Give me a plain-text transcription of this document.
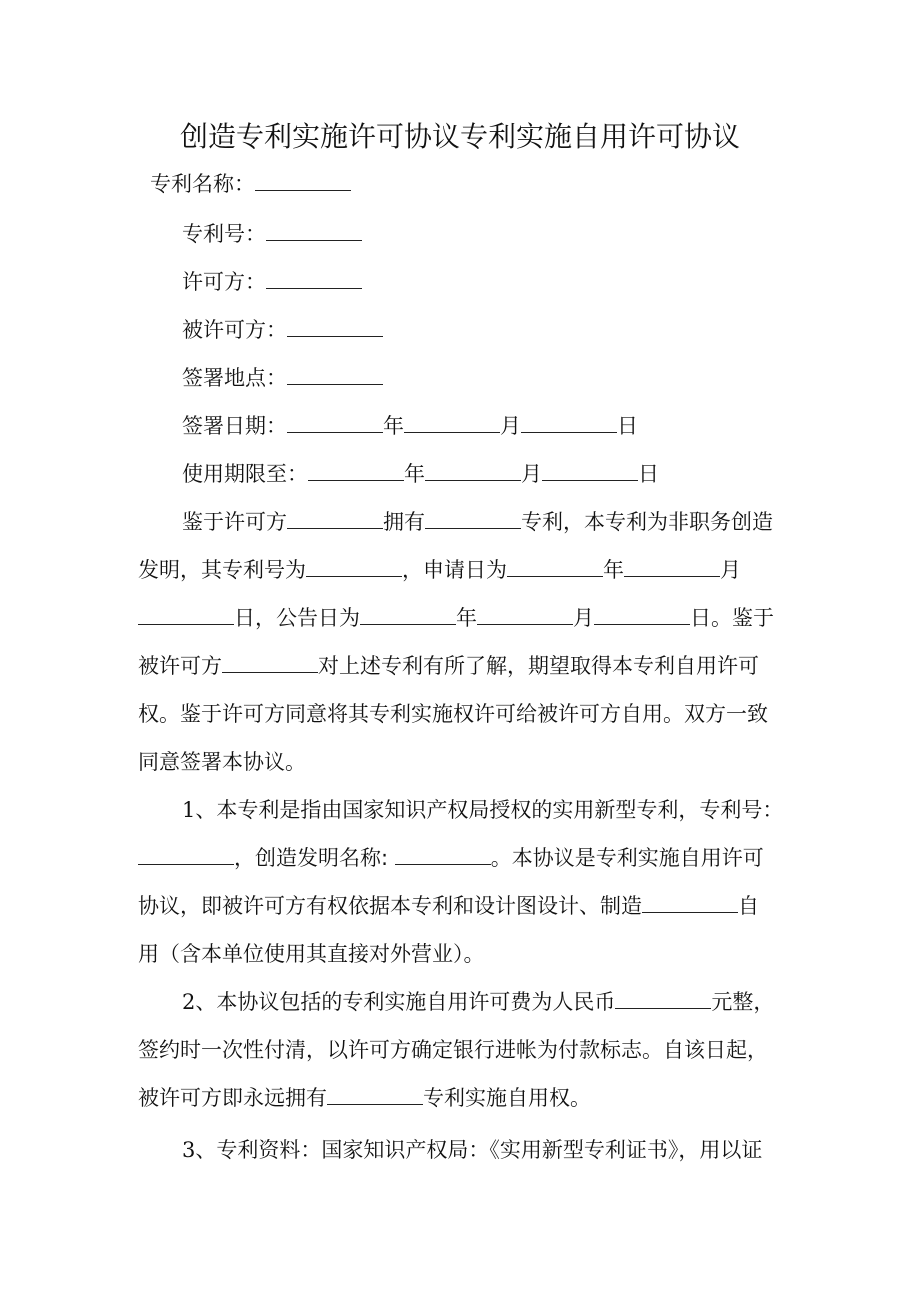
创造专利实施许可协议专利实施自用许可协议

专利名称：

专利号：

许可方：

被许可方：

签署地点：

签署日期：	年	月	日

使用期限至：	年	月	日

鉴于许可方	拥有	专利，本专利为非职务创造

发明，其专利号为	，申请日为	年	月

日，公告日为	年	月	日。鉴于

被许可方	对上述专利有所了解，期望取得本专利自用许可

权。鉴于许可方同意将其专利实施权许可给被许可方自用。双方一致

同意签署本协议。

1、本专利是指由国家知识产权局授权的实用新型专利，专利号：

，创造发明名称:	。本协议是专利实施自用许可

协议，即被许可方有权依据本专利和设计图设计、制造	自

用（含本单位使用其直接对外营业）。

2、本协议包括的专利实施自用许可费为人民币	元整，

签约时一次性付清，以许可方确定银行进帐为付款标志。自该日起，

被许可方即永远拥有	专利实施自用权。

3、专利资料：国家知识产权局：《实用新型专利证书》，用以证
